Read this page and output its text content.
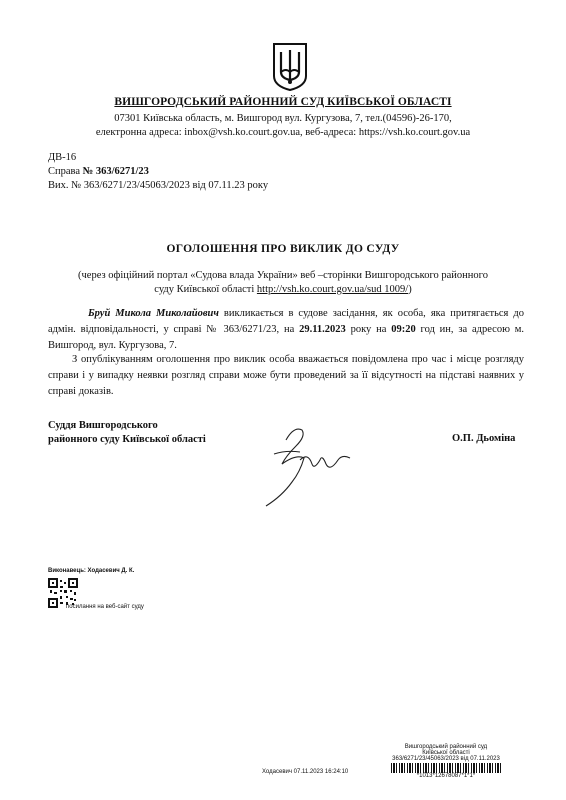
ВИШГОРОДСЬКИЙ РАЙОННИЙ СУД КИЇВСЬКОЇ ОБЛАСТІ
07301 Київська область, м. Вишгород вул. Кургузова, 7, тел.(04596)-26-170,
електронна адреса: inbox@vsh.ko.court.gov.ua, веб-адреса: https://vsh.ko.court.gov.ua
ДВ-16
Справа № 363/6271/23
Вих. № 363/6271/23/45063/2023 від 07.11.23 року
ОГОЛОШЕННЯ ПРО ВИКЛИК ДО СУДУ
(через офіційний портал «Судова влада України» веб –сторінки Вишгородського районного
суду Київської області http://vsh.ko.court.gov.ua/sud 1009/)
Бруй Микола Миколайович викликається в судове засідання, як особа, яка притягається до адмін. відповідальності, у справі № 363/6271/23, на 29.11.2023 року на 09:20 год ин, за адресою м. Вишгород, вул. Кургузова, 7.
З опублікуванням оголошення про виклик особа вважається повідомлена про час і місце розгляду справи і у випадку неявки розгляд справи може бути проведений за її відсутності на підставі наявних у справі доказів.
Суддя Вишгородського
районного суду Київської області	О.П. Дьоміна
Виконавець: Ходасевич Д. К.
посилання на веб-сайт суду
Вишгородський районний суд
Київської області
363/6271/23/45063/2023 від 07.11.2023
*1013*12678087*1*1*
Ходасевич 07.11.2023 16:24:10
